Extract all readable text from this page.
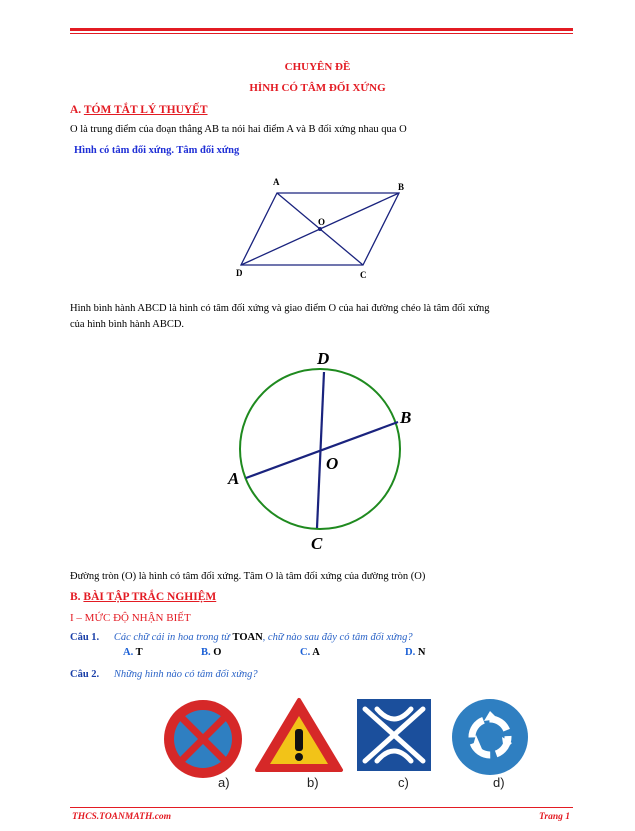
CHUYÊN ĐỀ
HÌNH CÓ TÂM ĐỐI XỨNG
A. TÓM TẮT LÝ THUYẾT
O là trung điểm của đoạn thẳng AB ta nói hai điểm A và B đối xứng nhau qua O
Hình có tâm đối xứng. Tâm đối xứng
A	B
O
C
D
Hình bình hành ABCD là hình có tâm đối xứng và giao điểm O của hai đường chéo là tâm đối xứng
của hình bình hành ABCD.
D
B
O
A
C
Đường tròn (O) là hình có tâm đối xứng. Tâm O là tâm đối xứng của đường tròn (O)
B. BÀI TẬP TRẮC NGHIỆM
I – MỨC ĐỘ NHẬN BIẾT
Câu 1. Các chữ cái in hoa trong từ TOAN, chữ nào sau đây có tâm đối xứng?
A. T	B. O	C. A	D. N
Câu 2. Những hình nào có tâm đối xứng?
a)	b)	c)	d)
THCS.TOANMATH.com	Trang 1
